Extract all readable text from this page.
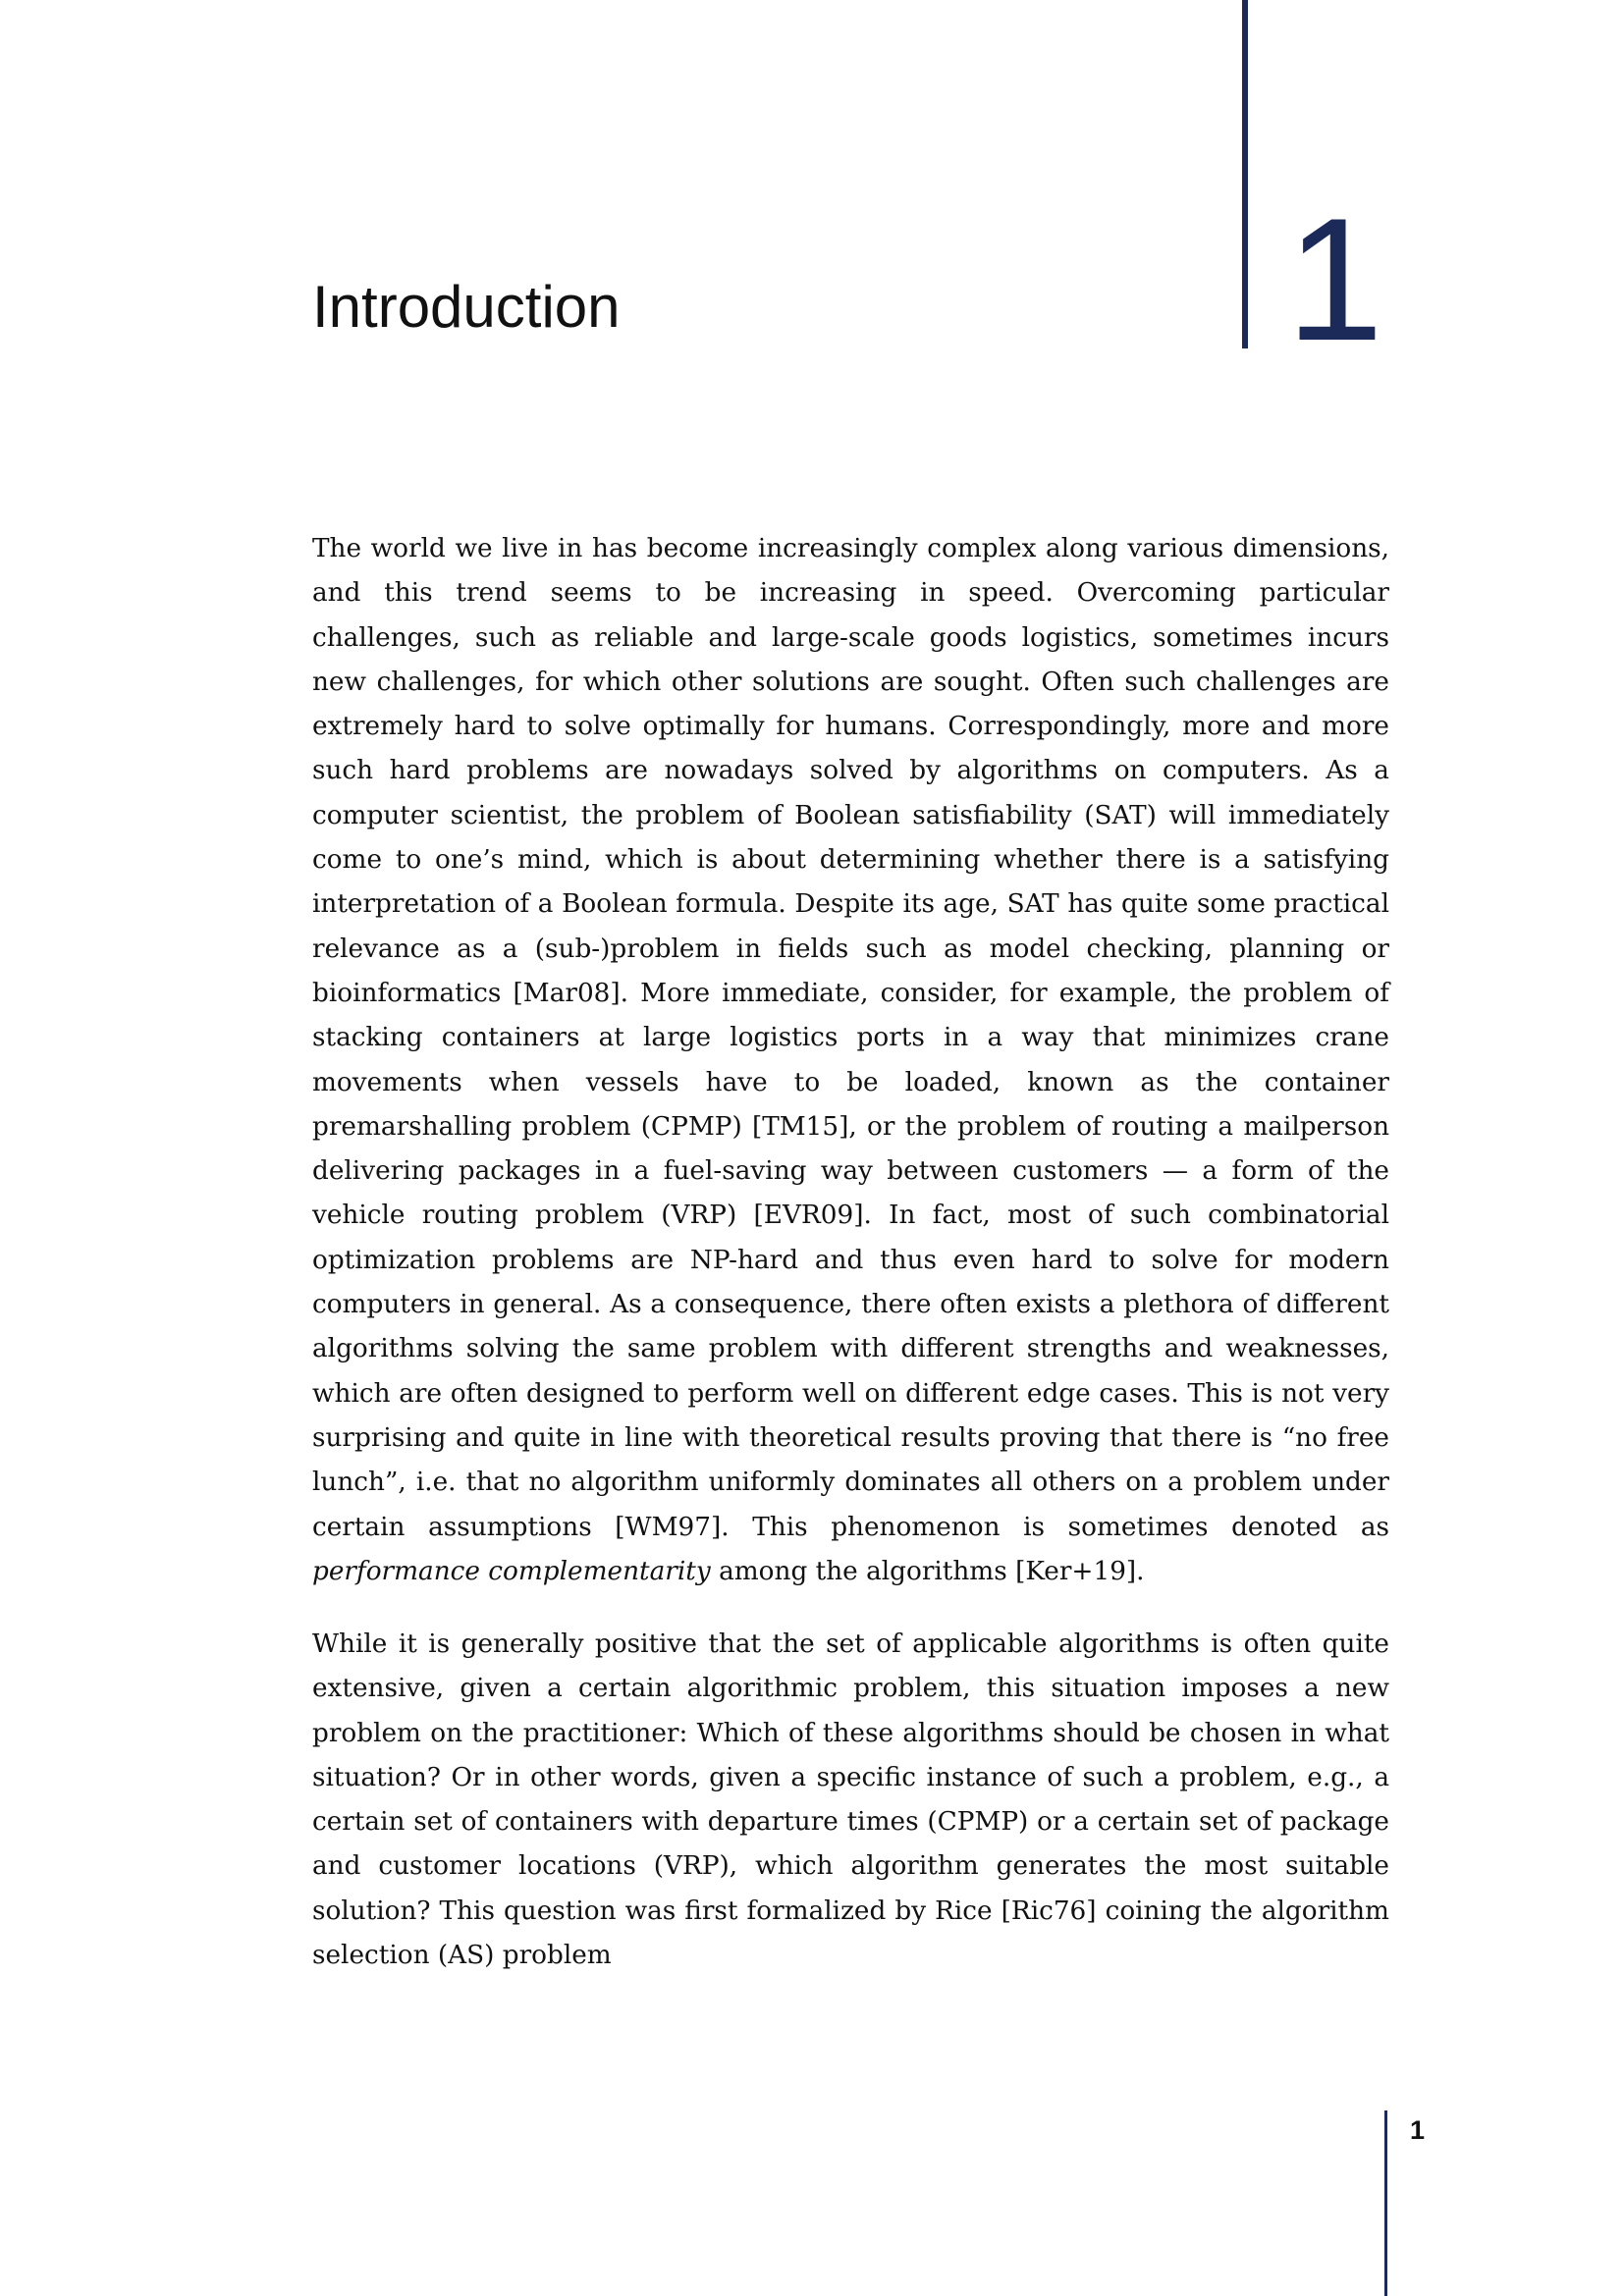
Introduction	1

The world we live in has become increasingly complex along various dimensions, and this trend seems to be increasing in speed. Overcoming particular challenges, such as reliable and large-scale goods logistics, sometimes incurs new challenges, for which other solutions are sought. Often such challenges are extremely hard to solve optimally for humans. Correspondingly, more and more such hard problems are nowadays solved by algorithms on computers. As a computer scientist, the problem of Boolean satisfiability (SAT) will immediately come to one’s mind, which is about determining whether there is a satisfying interpretation of a Boolean formula. Despite its age, SAT has quite some practical relevance as a (sub-)problem in fields such as model checking, planning or bioinformatics [Mar08]. More immediate, consider, for example, the problem of stacking containers at large logistics ports in a way that minimizes crane movements when vessels have to be loaded, known as the container premarshalling problem (CPMP) [TM15], or the problem of routing a mailperson delivering packages in a fuel-saving way between customers — a form of the vehicle routing problem (VRP) [EVR09]. In fact, most of such combinatorial optimization problems are NP-hard and thus even hard to solve for modern computers in general. As a consequence, there often exists a plethora of different algorithms solving the same problem with different strengths and weaknesses, which are often designed to perform well on different edge cases. This is not very surprising and quite in line with theoretical results proving that there is “no free lunch”, i.e. that no algorithm uniformly dominates all others on a problem under certain assumptions [WM97]. This phenomenon is sometimes denoted as performance complementarity among the algorithms [Ker+19].

While it is generally positive that the set of applicable algorithms is often quite extensive, given a certain algorithmic problem, this situation imposes a new problem on the practitioner: Which of these algorithms should be chosen in what situation? Or in other words, given a specific instance of such a problem, e.g., a certain set of containers with departure times (CPMP) or a certain set of package and customer locations (VRP), which algorithm generates the most suitable solution? This question was first formalized by Rice [Ric76] coining the algorithm selection (AS) problem

1
